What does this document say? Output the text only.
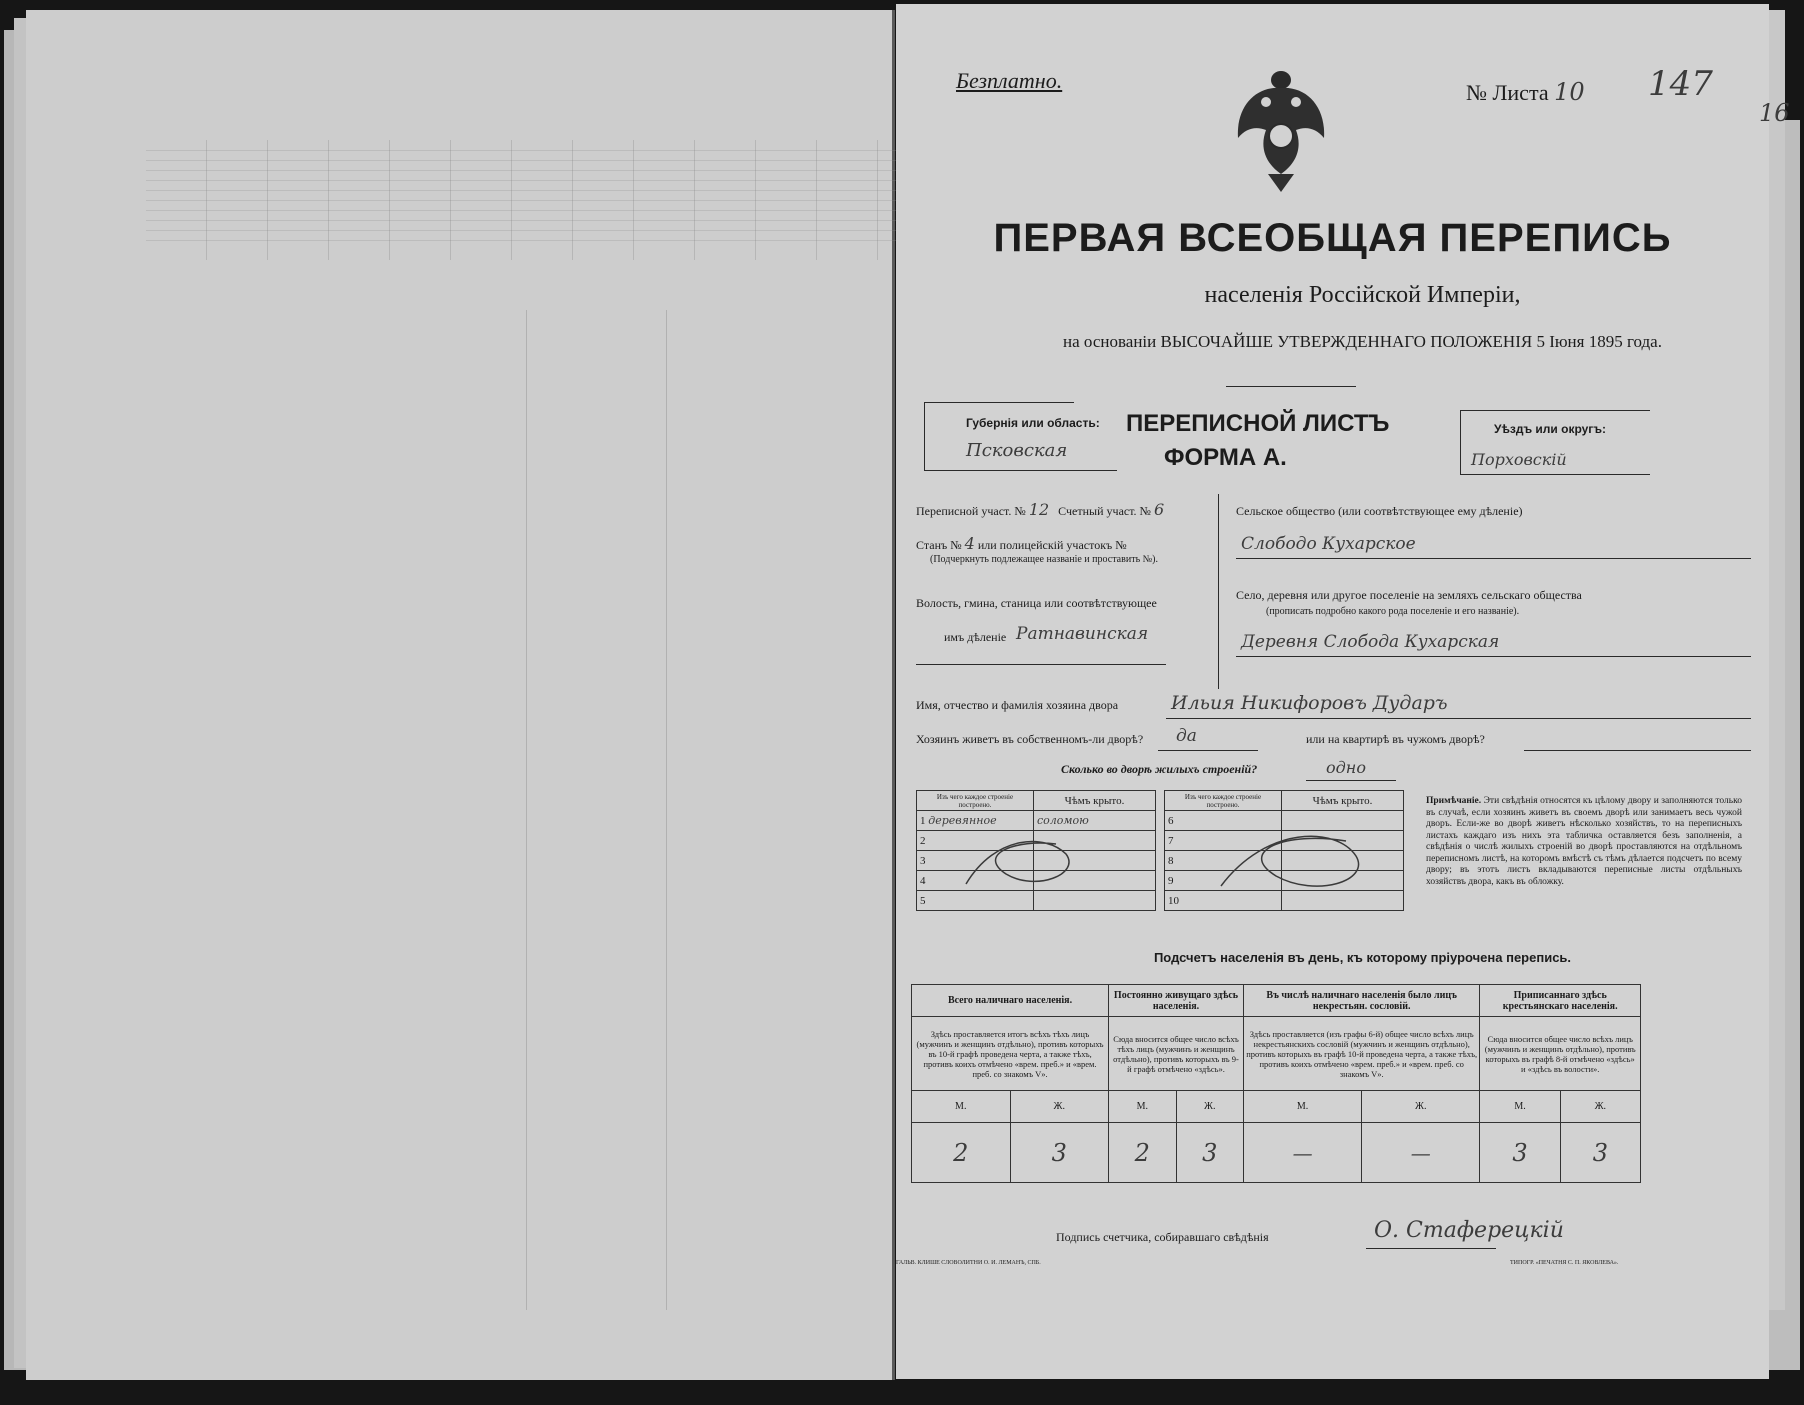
Безплатно.	№ Листа 10 147
16
ПЕРВАЯ ВСЕОБЩАЯ ПЕРЕПИСЬ
населенія Россійской Имперіи,
на основаніи ВЫСОЧАЙШЕ УТВЕРЖДЕННАГО ПОЛОЖЕНІЯ 5 Іюня 1895 года.
Губернія или область:
Псковская
ПЕРЕПИСНОЙ ЛИСТЪ
ФОРМА А.
Уѣздъ или округъ:
Порховскій
Переписной участ. № 12 Счетный участ. № 6
Станъ № 4 или полицейскій участокъ №
(Подчеркнуть подлежащее названіе и проставить №).
Волость, гмина, станица или соотвѣтствующее
имъ дѣленіе Ратнавинская
Сельское общество (или соотвѣтствующее ему дѣленіе)
Слободо Кухарское
Село, деревня или другое поселеніе на земляхъ сельскаго общества
(прописать подробно какого рода поселеніе и его названіе).
Деревня Слобода Кухарская
Имя, отчество и фамилія хозяина двора	Ильия Никифоровъ Дударъ
Хозяинъ живетъ въ собственномъ-ли дворѣ? да	или на квартирѣ въ чужомъ дворѣ?
Сколько во дворѣ жилыхъ строеній?	одно
Изъ чего каждое строеніе построено.	Чѣмъ крыто.
1 деревянное	соломою
2	
3	
4	
5	
Изъ чего каждое строеніе построено.	Чѣмъ крыто.
6	
7	
8	
9	
10	
Примѣчаніе. Эти свѣдѣнія относятся къ цѣлому двору и заполняются только въ случаѣ, если хозяинъ живетъ въ своемъ дворѣ или занимаетъ весь чужой дворъ. Если-же во дворѣ живетъ нѣсколько хозяйствъ, то на переписныхъ листахъ каждаго изъ нихъ эта табличка оставляется безъ заполненія, а свѣдѣнія о числѣ жилыхъ строеній во дворѣ проставляются на отдѣльномъ переписномъ листѣ, на которомъ вмѣстѣ съ тѣмъ дѣлается подсчетъ по всему двору; въ этотъ листъ вкладываются переписные листы отдѣльныхъ хозяйствъ двора, какъ въ обложку.
Подсчетъ населенія въ день, къ которому пріурочена перепись.
Всего наличнаго населенія.		Постоянно живущаго здѣсь населенія.		Въ числѣ наличнаго населенія было лицъ некрестьян. сословій.		Приписаннаго здѣсь крестьянскаго населенія.	
Здѣсь проставляется итогъ всѣхъ тѣхъ лицъ (мужчинъ и женщинъ отдѣльно), противъ которыхъ въ 10-й графѣ проведена черта, а также тѣхъ, противъ коихъ отмѣчено «врем. преб.» и «врем. преб. со знакомъ V».		Сюда вносится общее число всѣхъ тѣхъ лицъ (мужчинъ и женщинъ отдѣльно), противъ которыхъ въ 9-й графѣ отмѣчено «здѣсь».		Здѣсь проставляется (изъ графы 6-й) общее число всѣхъ лицъ некрестьянскихъ сословій (мужчинъ и женщинъ отдѣльно), противъ которыхъ въ графѣ 10-й проведена черта, а также тѣхъ, противъ коихъ отмѣчено «врем. преб.» и «врем. преб. со знакомъ V».		Сюда вносится общее число всѣхъ лицъ (мужчинъ и женщинъ отдѣльно), противъ которыхъ въ графѣ 8-й отмѣчено «здѣсь» и «здѣсь въ волости».	
М.	Ж.	М.	Ж.	М.	Ж.	М.	Ж.
2	3	2	3	—	—	3	3
Подпись счетчика, собиравшаго свѣдѣнія	О. Стаферецкій
ГАЛЬВ. КЛИШЕ СЛОВОЛИТНИ О. И. ЛЕМАНЪ, СПБ.	ТИПОГР. «ПЕЧАТНЯ С. П. ЯКОВЛЕВА».
